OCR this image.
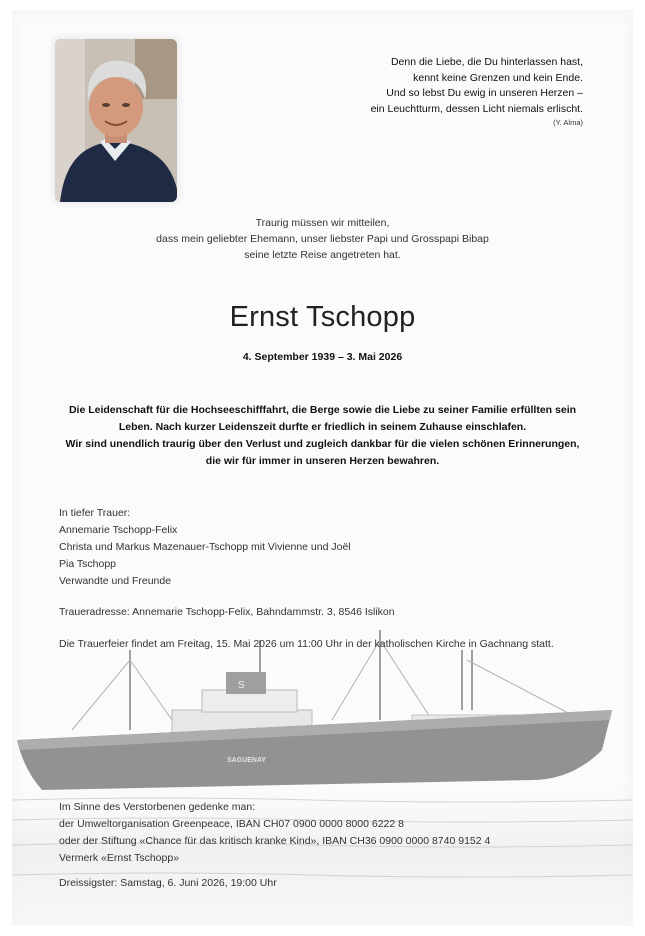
Denn die Liebe, die Du hinterlassen hast,

kennt keine Grenzen und kein Ende.

Und so lebst Du ewig in unseren Herzen –

ein Leuchtturm, dessen Licht niemals erlischt.

(Y. Alma)

Traurig müssen wir mitteilen,

dass mein geliebter Ehemann, unser liebster Papi und Grosspapi Bibap

seine letzte Reise angetreten hat.

Ernst Tschopp
4. September 1939 – 3. Mai 2026

Die Leidenschaft für die Hochseeschifffahrt, die Berge sowie die Liebe zu seiner Familie erfüllten sein

Leben. Nach kurzer Leidenszeit durfte er friedlich in seinem Zuhause einschlafen.

Wir sind unendlich traurig über den Verlust und zugleich dankbar für die vielen schönen Erinnerungen,

die wir für immer in unseren Herzen bewahren.

S
SAGUENAY

In tiefer Trauer:

Annemarie Tschopp-Felix

Christa und Markus Mazenauer-Tschopp mit Vivienne und Joël

Pia Tschopp

Verwandte und Freunde

Traueradresse: Annemarie Tschopp-Felix, Bahndammstr. 3, 8546 Islikon
Die Trauerfeier findet am Freitag, 15. Mai 2026 um 11:00 Uhr in der katholischen Kirche in Gachnang statt.

Im Sinne des Verstorbenen gedenke man:

der Umweltorganisation Greenpeace, IBAN CH07 0900 0000 8000 6222 8

oder der Stiftung «Chance für das kritisch kranke Kind», IBAN CH36 0900 0000 8740 9152 4

Vermerk «Ernst Tschopp»

Dreissigster: Samstag, 6. Juni 2026, 19:00 Uhr
